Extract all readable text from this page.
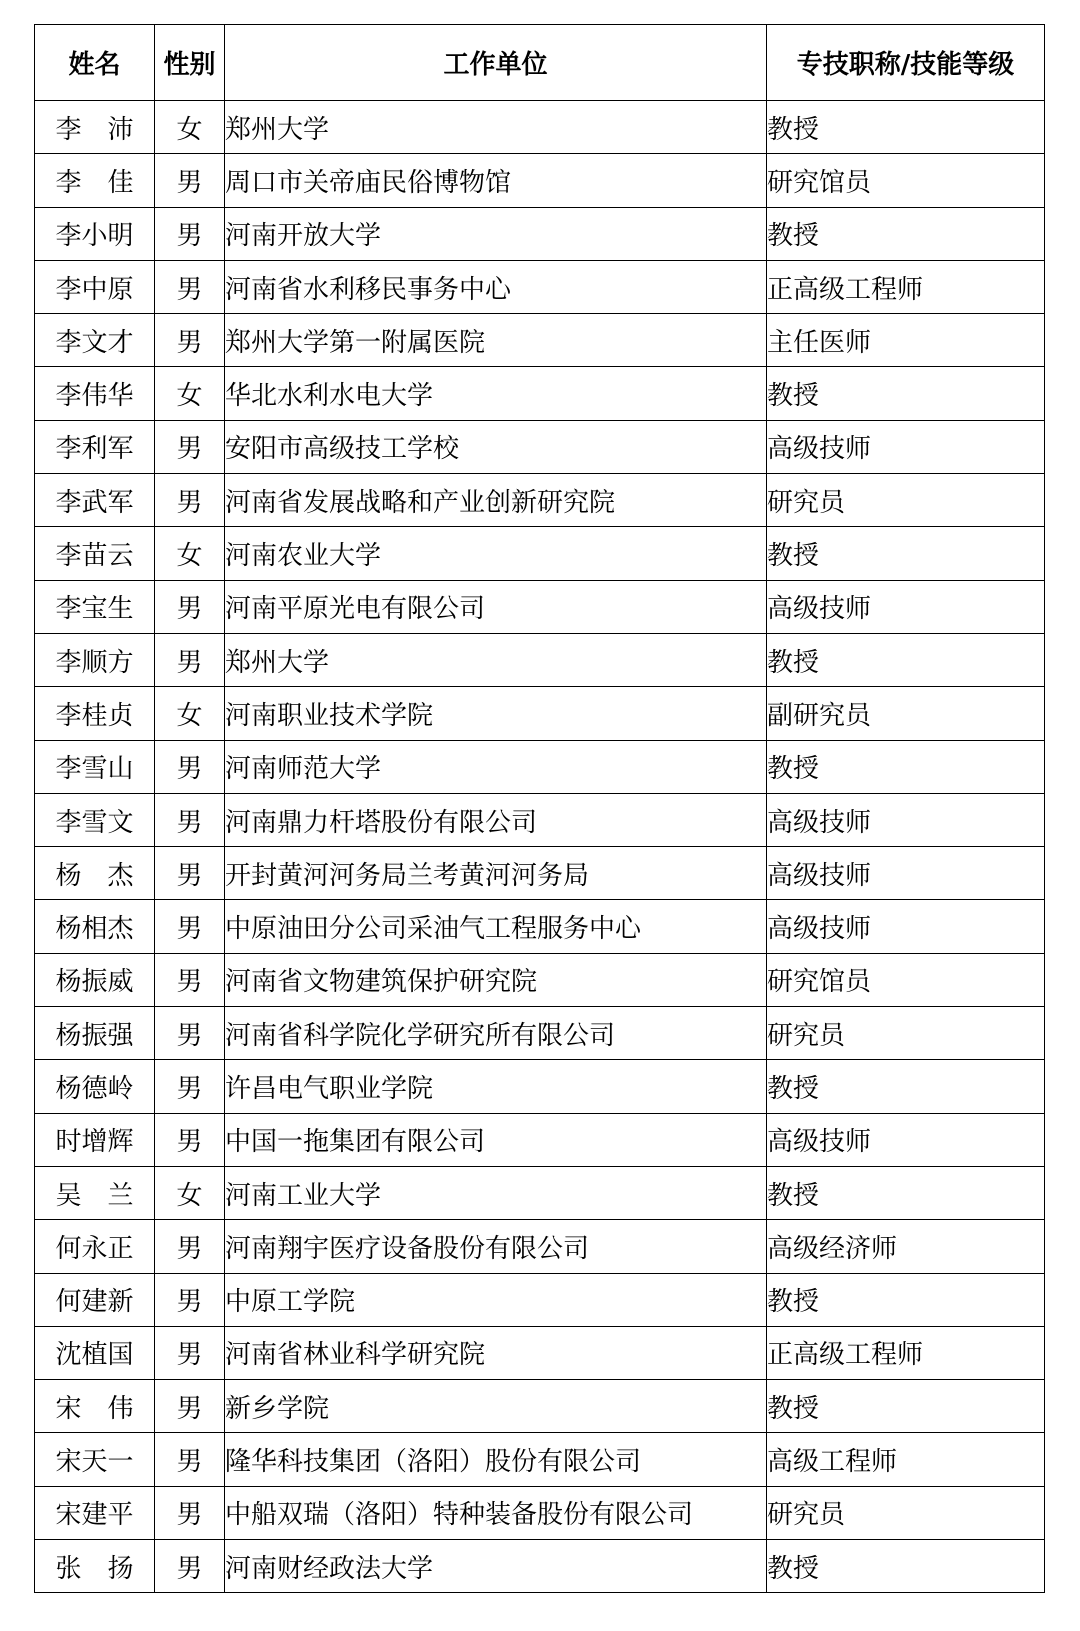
姓名	性别	工作单位	专技职称/技能等级
李　沛	女	郑州大学	教授
李　佳	男	周口市关帝庙民俗博物馆	研究馆员
李小明	男	河南开放大学	教授
李中原	男	河南省水利移民事务中心	正高级工程师
李文才	男	郑州大学第一附属医院	主任医师
李伟华	女	华北水利水电大学	教授
李利军	男	安阳市高级技工学校	高级技师
李武军	男	河南省发展战略和产业创新研究院	研究员
李苗云	女	河南农业大学	教授
李宝生	男	河南平原光电有限公司	高级技师
李顺方	男	郑州大学	教授
李桂贞	女	河南职业技术学院	副研究员
李雪山	男	河南师范大学	教授
李雪文	男	河南鼎力杆塔股份有限公司	高级技师
杨　杰	男	开封黄河河务局兰考黄河河务局	高级技师
杨相杰	男	中原油田分公司采油气工程服务中心	高级技师
杨振威	男	河南省文物建筑保护研究院	研究馆员
杨振强	男	河南省科学院化学研究所有限公司	研究员
杨德岭	男	许昌电气职业学院	教授
时增辉	男	中国一拖集团有限公司	高级技师
吴　兰	女	河南工业大学	教授
何永正	男	河南翔宇医疗设备股份有限公司	高级经济师
何建新	男	中原工学院	教授
沈植国	男	河南省林业科学研究院	正高级工程师
宋　伟	男	新乡学院	教授
宋天一	男	隆华科技集团（洛阳）股份有限公司	高级工程师
宋建平	男	中船双瑞（洛阳）特种装备股份有限公司	研究员
张　扬	男	河南财经政法大学	教授
